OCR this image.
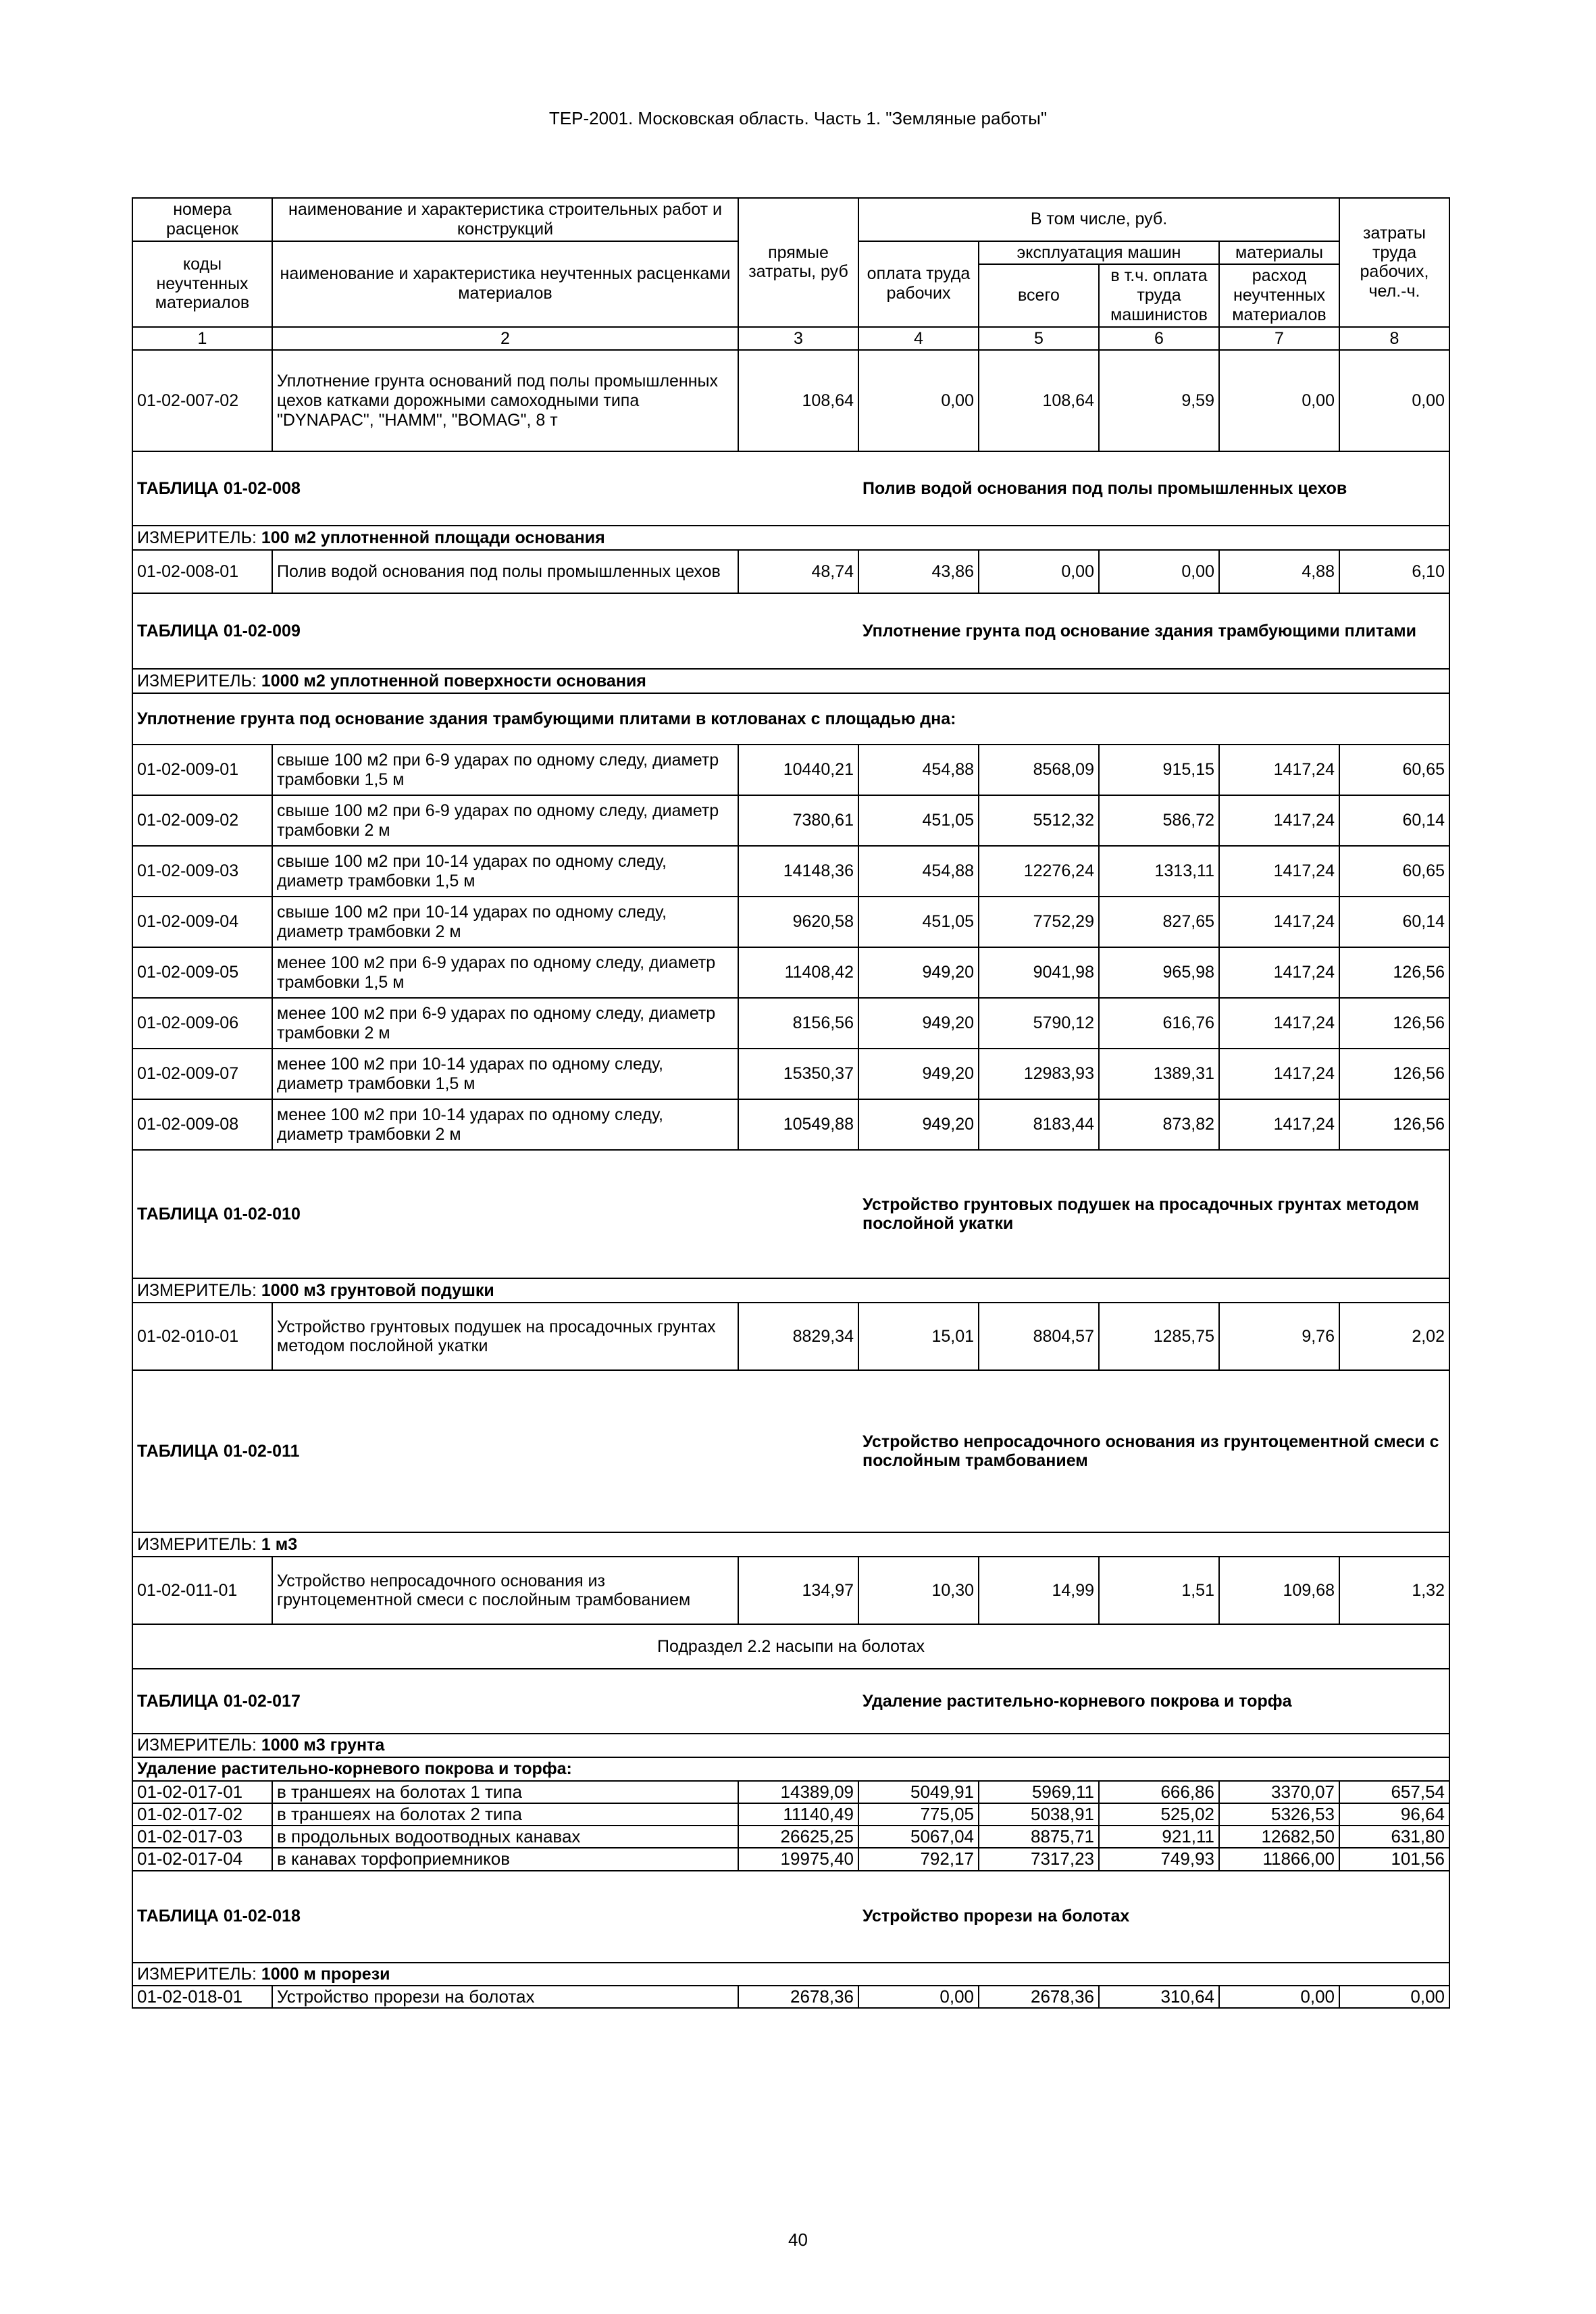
ТЕР-2001. Московская область. Часть 1. "Земляные работы"
номера расценок	наименование и характеристика строительных работ и конструкций	прямые затраты, руб	В том числе, руб.				затраты труда рабочих, чел.-ч.
коды неучтенных материалов	наименование и характеристика неучтенных расценками материалов		оплата труда рабочих	эксплуатация машин		материалы	
				всего	в т.ч. оплата труда машинистов	расход неучтенных материалов	
1	2	3	4	5	6	7	8
01-02-007-02	Уплотнение грунта оснований под полы промышленных цехов катками дорожными самоходными типа "DYNAPAC", "HAMM", "BOMAG", 8 т	108,64	0,00	108,64	9,59	0,00	0,00
ТАБЛИЦА 01-02-008			Полив водой основания под полы промышленных цехов				
ИЗМЕРИТЕЛЬ: 100 м2 уплотненной площади основания							
01-02-008-01	Полив водой основания под полы промышленных цехов	48,74	43,86	0,00	0,00	4,88	6,10
ТАБЛИЦА 01-02-009			Уплотнение грунта под основание здания трамбующими плитами				
ИЗМЕРИТЕЛЬ: 1000 м2 уплотненной поверхности основания							
Уплотнение грунта под основание здания трамбующими плитами в котлованах с площадью дна:							
01-02-009-01	свыше 100 м2 при 6-9 ударах по одному следу, диаметр трамбовки 1,5 м	10440,21	454,88	8568,09	915,15	1417,24	60,65
01-02-009-02	свыше 100 м2 при 6-9 ударах по одному следу, диаметр трамбовки 2 м	7380,61	451,05	5512,32	586,72	1417,24	60,14
01-02-009-03	свыше 100 м2 при 10-14 ударах по одному следу, диаметр трамбовки 1,5 м	14148,36	454,88	12276,24	1313,11	1417,24	60,65
01-02-009-04	свыше 100 м2 при 10-14 ударах по одному следу, диаметр трамбовки 2 м	9620,58	451,05	7752,29	827,65	1417,24	60,14
01-02-009-05	менее 100 м2 при 6-9 ударах по одному следу, диаметр трамбовки 1,5 м	11408,42	949,20	9041,98	965,98	1417,24	126,56
01-02-009-06	менее 100 м2 при 6-9 ударах по одному следу, диаметр трамбовки 2 м	8156,56	949,20	5790,12	616,76	1417,24	126,56
01-02-009-07	менее 100 м2 при 10-14 ударах по одному следу, диаметр трамбовки 1,5 м	15350,37	949,20	12983,93	1389,31	1417,24	126,56
01-02-009-08	менее 100 м2 при 10-14 ударах по одному следу, диаметр трамбовки 2 м	10549,88	949,20	8183,44	873,82	1417,24	126,56
ТАБЛИЦА 01-02-010			Устройство грунтовых подушек на просадочных грунтах методом послойной укатки				
ИЗМЕРИТЕЛЬ: 1000 м3 грунтовой подушки							
01-02-010-01	Устройство грунтовых подушек на просадочных грунтах методом послойной укатки	8829,34	15,01	8804,57	1285,75	9,76	2,02
ТАБЛИЦА 01-02-011			Устройство непросадочного основания из грунтоцементной смеси с послойным трамбованием				
ИЗМЕРИТЕЛЬ: 1 м3							
01-02-011-01	Устройство непросадочного основания из грунтоцементной смеси с послойным трамбованием	134,97	10,30	14,99	1,51	109,68	1,32
Подраздел 2.2 насыпи на болотах							
ТАБЛИЦА 01-02-017			Удаление растительно-корневого покрова и торфа				
ИЗМЕРИТЕЛЬ: 1000 м3 грунта							
Удаление растительно-корневого покрова и торфа:							
01-02-017-01	в траншеях на болотах 1 типа	14389,09	5049,91	5969,11	666,86	3370,07	657,54
01-02-017-02	в траншеях на болотах 2 типа	11140,49	775,05	5038,91	525,02	5326,53	96,64
01-02-017-03	в продольных водоотводных канавах	26625,25	5067,04	8875,71	921,11	12682,50	631,80
01-02-017-04	в канавах торфоприемников	19975,40	792,17	7317,23	749,93	11866,00	101,56
ТАБЛИЦА 01-02-018			Устройство прорези на болотах				
ИЗМЕРИТЕЛЬ: 1000 м прорези							
01-02-018-01	Устройство прорези на болотах	2678,36	0,00	2678,36	310,64	0,00	0,00
40
